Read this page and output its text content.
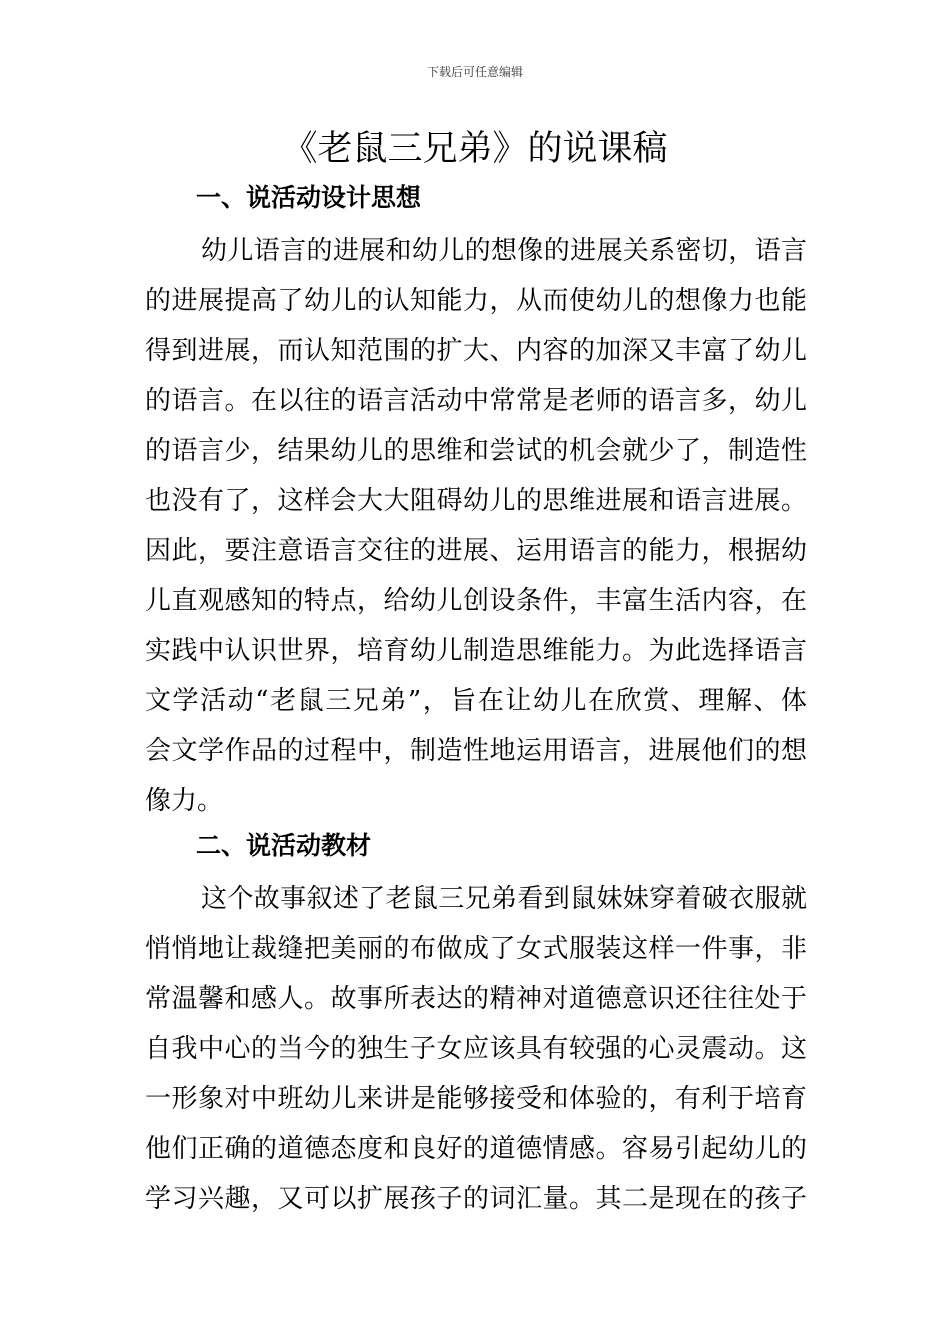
下载后可任意编辑
《老鼠三兄弟》的说课稿
一、说活动设计思想
幼儿语言的进展和幼儿的想像的进展关系密切，语言
的进展提高了幼儿的认知能力，从而使幼儿的想像力也能
得到进展，而认知范围的扩大、内容的加深又丰富了幼儿
的语言。在以往的语言活动中常常是老师的语言多，幼儿
的语言少，结果幼儿的思维和尝试的机会就少了，制造性
也没有了，这样会大大阻碍幼儿的思维进展和语言进展。
因此，要注意语言交往的进展、运用语言的能力，根据幼
儿直观感知的特点，给幼儿创设条件，丰富生活内容，在
实践中认识世界，培育幼儿制造思维能力。为此选择语言
文学活动“老鼠三兄弟”，旨在让幼儿在欣赏、理解、体
会文学作品的过程中，制造性地运用语言，进展他们的想
像力。
二、说活动教材
这个故事叙述了老鼠三兄弟看到鼠妹妹穿着破衣服就
悄悄地让裁缝把美丽的布做成了女式服装这样一件事，非
常温馨和感人。故事所表达的精神对道德意识还往往处于
自我中心的当今的独生子女应该具有较强的心灵震动。这
一形象对中班幼儿来讲是能够接受和体验的，有利于培育
他们正确的道德态度和良好的道德情感。容易引起幼儿的
学习兴趣，又可以扩展孩子的词汇量。其二是现在的孩子
